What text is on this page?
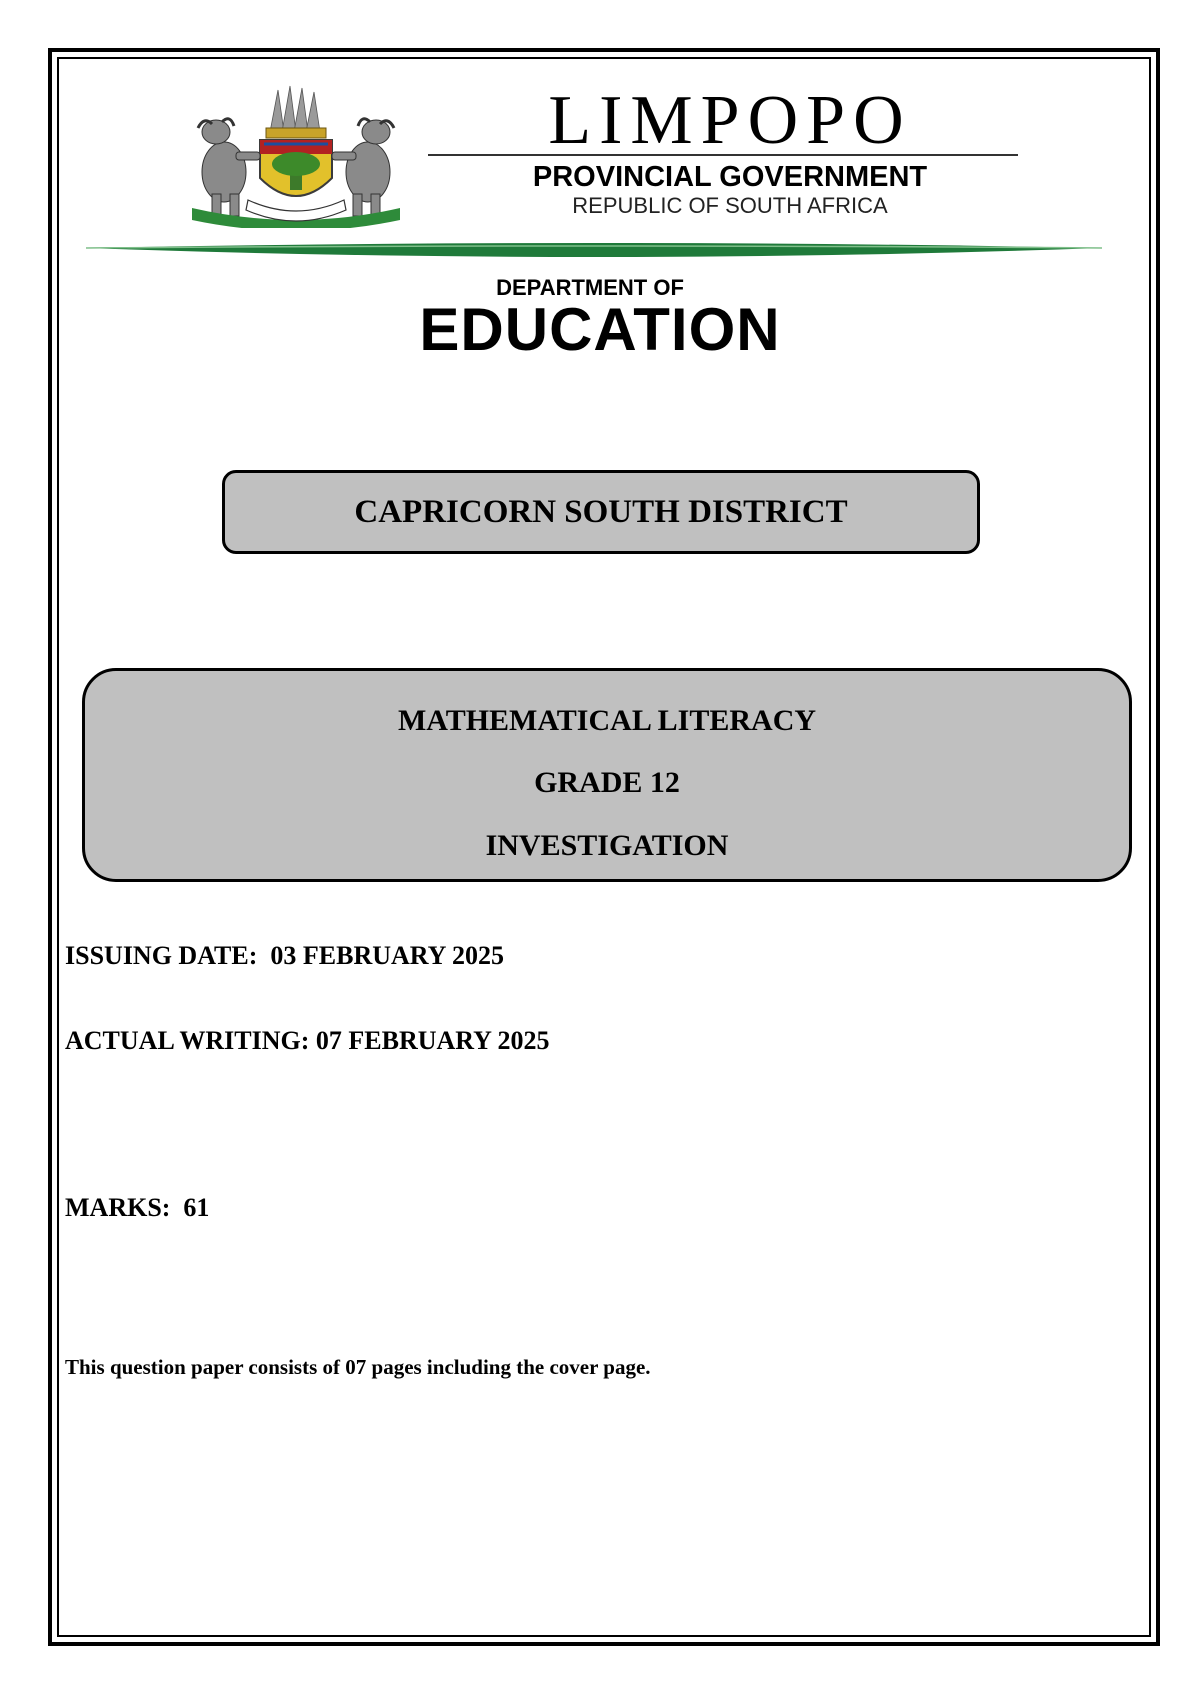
LIMPOPO
PROVINCIAL GOVERNMENT
REPUBLIC OF SOUTH AFRICA
DEPARTMENT OF
EDUCATION
CAPRICORN SOUTH DISTRICT
MATHEMATICAL LITERACY
GRADE 12
INVESTIGATION
ISSUING DATE:  03 FEBRUARY 2025
ACTUAL WRITING: 07 FEBRUARY 2025
MARKS:  61
This question paper consists of 07 pages including the cover page.
